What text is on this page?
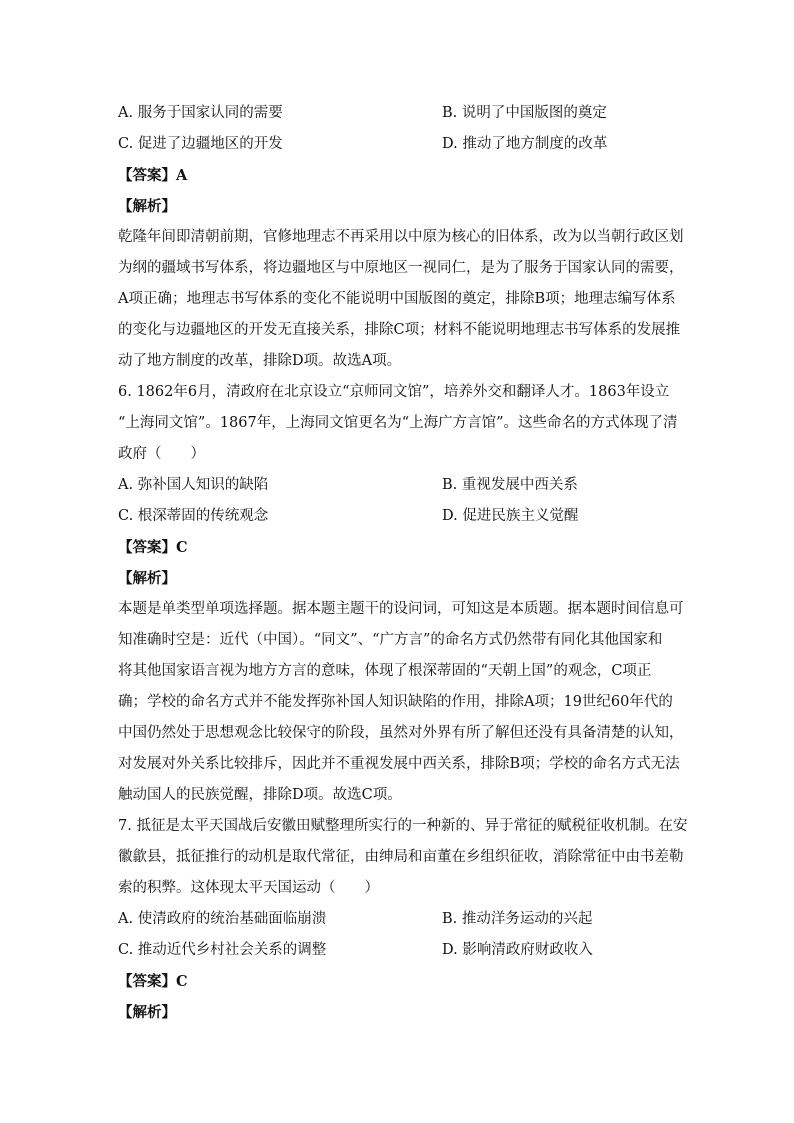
A. 服务于国家认同的需要	B. 说明了中国版图的奠定
C. 促进了边疆地区的开发	D. 推动了地方制度的改革
【答案】A
【解析】
乾隆年间即清朝前期，官修地理志不再采用以中原为核心的旧体系，改为以当朝行政区划
为纲的疆域书写体系，将边疆地区与中原地区一视同仁，是为了服务于国家认同的需要，
A项正确；地理志书写体系的变化不能说明中国版图的奠定，排除B项；地理志编写体系
的变化与边疆地区的开发无直接关系，排除C项；材料不能说明地理志书写体系的发展推
动了地方制度的改革，排除D项。故选A项。
6. 1862年6月，清政府在北京设立“京师同文馆”，培养外交和翻译人才。1863年设立
“上海同文馆”。1867年，上海同文馆更名为“上海广方言馆”。这些命名的方式体现了清
政府（　　）
A. 弥补国人知识的缺陷	B. 重视发展中西关系
C. 根深蒂固的传统观念	D. 促进民族主义觉醒
【答案】C
【解析】
本题是单类型单项选择题。据本题主题干的设问词，可知这是本质题。据本题时间信息可
知准确时空是：近代（中国）。“同文”、“广方言”的命名方式仍然带有同化其他国家和
将其他国家语言视为地方方言的意味，体现了根深蒂固的“天朝上国”的观念，C项正
确；学校的命名方式并不能发挥弥补国人知识缺陷的作用，排除A项；19世纪60年代的
中国仍然处于思想观念比较保守的阶段，虽然对外界有所了解但还没有具备清楚的认知，
对发展对外关系比较排斥，因此并不重视发展中西关系，排除B项；学校的命名方式无法
触动国人的民族觉醒，排除D项。故选C项。
7. 抵征是太平天国战后安徽田赋整理所实行的一种新的、异于常征的赋税征收机制。在安
徽歙县，抵征推行的动机是取代常征，由绅局和亩董在乡组织征收，消除常征中由书差勒
索的积弊。这体现太平天国运动（　　）
A. 使清政府的统治基础面临崩溃	B. 推动洋务运动的兴起
C. 推动近代乡村社会关系的调整	D. 影响清政府财政收入
【答案】C
【解析】
